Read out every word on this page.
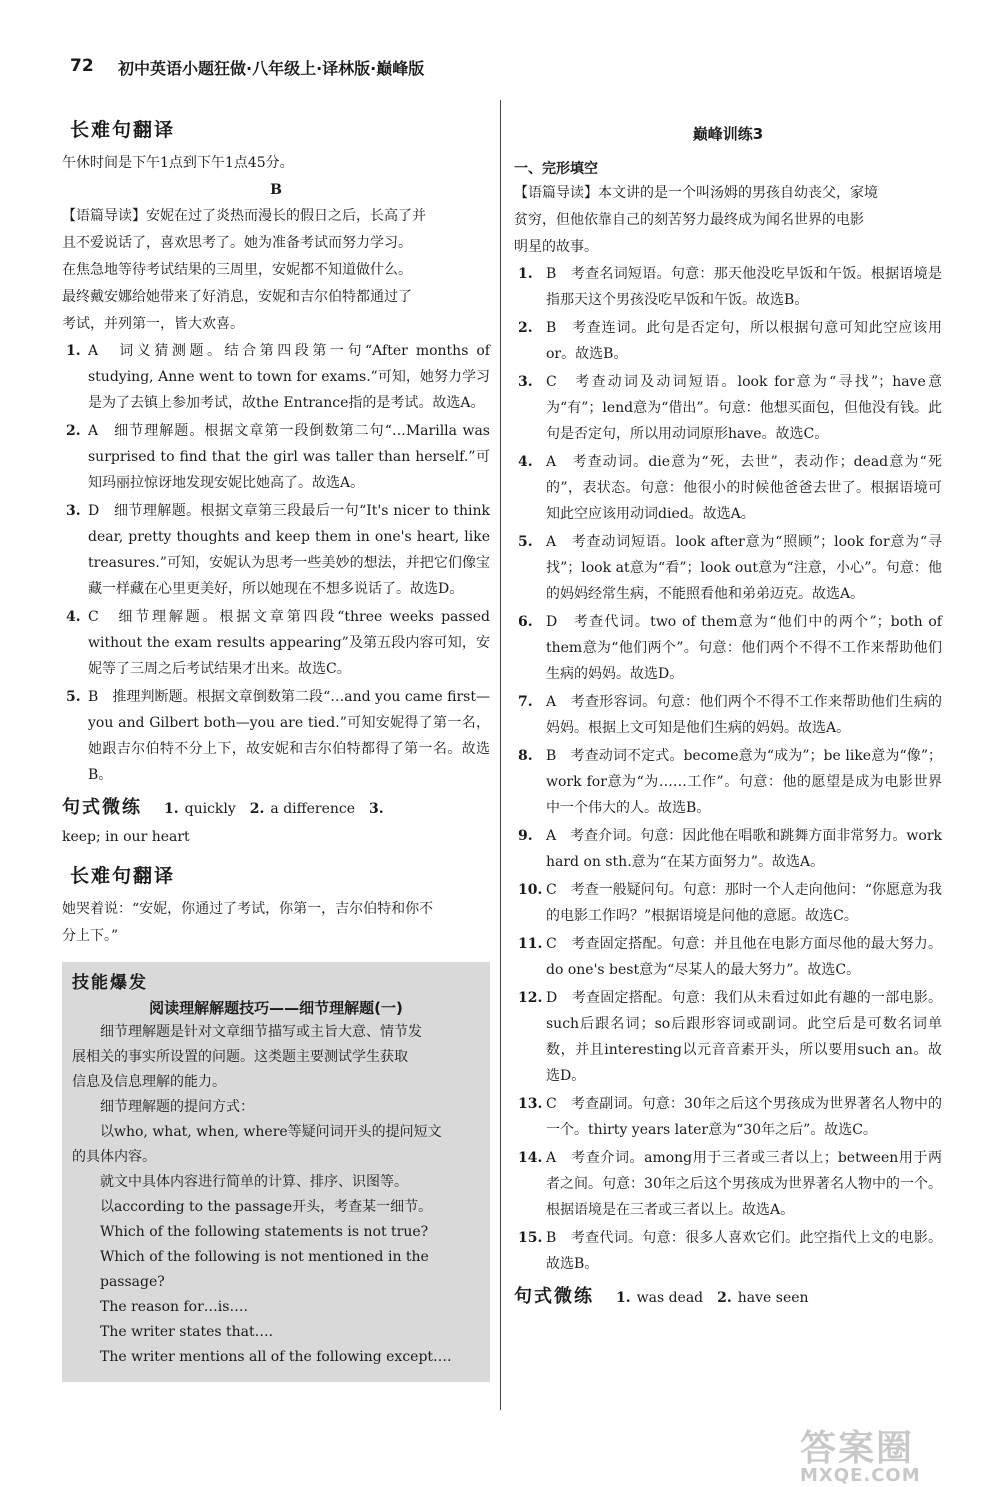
72 初中英语小题狂做·八年级上·译林版·巅峰版
长难句翻译
午休时间是下午1点到下午1点45分。
B
【语篇导读】安妮在过了炎热而漫长的假日之后，长高了并
且不爱说话了，喜欢思考了。她为准备考试而努力学习。
在焦急地等待考试结果的三周里，安妮都不知道做什么。
最终戴安娜给她带来了好消息，安妮和吉尔伯特都通过了
考试，并列第一，皆大欢喜。
1. A　词义猜测题。结合第四段第一句“After months of studying, Anne went to town for exams.”可知，她努力学习是为了去镇上参加考试，故the Entrance指的是考试。故选A。
2. A　细节理解题。根据文章第一段倒数第二句“…Marilla was surprised to find that the girl was taller than herself.”可知玛丽拉惊讶地发现安妮比她高了。故选A。
3. D　细节理解题。根据文章第三段最后一句“It's nicer to think dear, pretty thoughts and keep them in one's heart, like treasures.”可知，安妮认为思考一些美妙的想法，并把它们像宝藏一样藏在心里更美好，所以她现在不想多说话了。故选D。
4. C　细节理解题。根据文章第四段“three weeks passed without the exam results appearing”及第五段内容可知，安妮等了三周之后考试结果才出来。故选C。
5. B　推理判断题。根据文章倒数第二段“…and you came first—you and Gilbert both—you are tied.”可知安妮得了第一名，她跟吉尔伯特不分上下，故安妮和吉尔伯特都得了第一名。故选B。
句式微练 1. quickly 2. a difference 3.
keep; in our heart
长难句翻译
她哭着说：“安妮，你通过了考试，你第一，吉尔伯特和你不
分上下。”
技能爆发
阅读理解解题技巧——细节理解题(一)
细节理解题是针对文章细节描写或主旨大意、情节发
展相关的事实所设置的问题。这类题主要测试学生获取
信息及信息理解的能力。
细节理解题的提问方式：
以who, what, when, where等疑问词开头的提问短文
的具体内容。
就文中具体内容进行简单的计算、排序、识图等。
以according to the passage开头，考查某一细节。
Which of the following statements is not true?
Which of the following is not mentioned in the passage?
The reason for…is….
The writer states that….
The writer mentions all of the following except….
巅峰训练3
一、完形填空
【语篇导读】本文讲的是一个叫汤姆的男孩自幼丧父，家境
贫穷，但他依靠自己的刻苦努力最终成为闻名世界的电影
明星的故事。
1. B　考查名词短语。句意：那天他没吃早饭和午饭。根据语境是指那天这个男孩没吃早饭和午饭。故选B。
2. B　考查连词。此句是否定句，所以根据句意可知此空应该用or。故选B。
3. C　考查动词及动词短语。look for意为“寻找”；have意为“有”；lend意为“借出”。句意：他想买面包，但他没有钱。此句是否定句，所以用动词原形have。故选C。
4. A　考查动词。die意为“死，去世”，表动作；dead意为“死的”，表状态。句意：他很小的时候他爸爸去世了。根据语境可知此空应该用动词died。故选A。
5. A　考查动词短语。look after意为“照顾”；look for意为“寻找”；look at意为“看”；look out意为“注意，小心”。句意：他的妈妈经常生病，不能照看他和弟弟迈克。故选A。
6. D　考查代词。two of them意为“他们中的两个”；both of them意为“他们两个”。句意：他们两个不得不工作来帮助他们生病的妈妈。故选D。
7. A　考查形容词。句意：他们两个不得不工作来帮助他们生病的妈妈。根据上文可知是他们生病的妈妈。故选A。
8. B　考查动词不定式。become意为“成为”；be like意为“像”；work for意为“为……工作”。句意：他的愿望是成为电影世界中一个伟大的人。故选B。
9. A　考查介词。句意：因此他在唱歌和跳舞方面非常努力。work hard on sth.意为“在某方面努力”。故选A。
10. C　考查一般疑问句。句意：那时一个人走向他问：“你愿意为我的电影工作吗？”根据语境是问他的意愿。故选C。
11. C　考查固定搭配。句意：并且他在电影方面尽他的最大努力。do one's best意为“尽某人的最大努力”。故选C。
12. D　考查固定搭配。句意：我们从未看过如此有趣的一部电影。such后跟名词；so后跟形容词或副词。此空后是可数名词单数，并且interesting以元音音素开头，所以要用such an。故选D。
13. C　考查副词。句意：30年之后这个男孩成为世界著名人物中的一个。thirty years later意为“30年之后”。故选C。
14. A　考查介词。among用于三者或三者以上；between用于两者之间。句意：30年之后这个男孩成为世界著名人物中的一个。根据语境是在三者或三者以上。故选A。
15. B　考查代词。句意：很多人喜欢它们。此空指代上文的电影。故选B。
句式微练 1. was dead 2. have seen
答案圈
MXQE.COM
